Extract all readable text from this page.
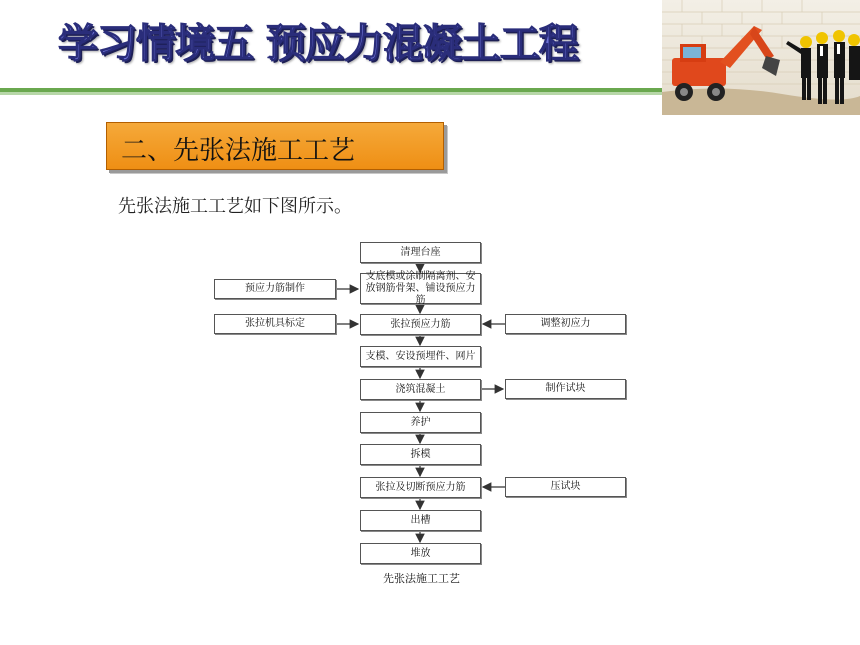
学习情境五 预应力混凝土工程
二、先张法施工工艺
先张法施工工艺如下图所示。
清理台座
支底模或涂刷隔离剂、安放钢筋骨架、铺设预应力筋
张拉预应力筋
支模、安设预埋件、网片
浇筑混凝土
养护
拆模
张拉及切断预应力筋
出槽
堆放
预应力筋制作
张拉机具标定	调整初应力
制作试块
压试块
先张法施工工艺
